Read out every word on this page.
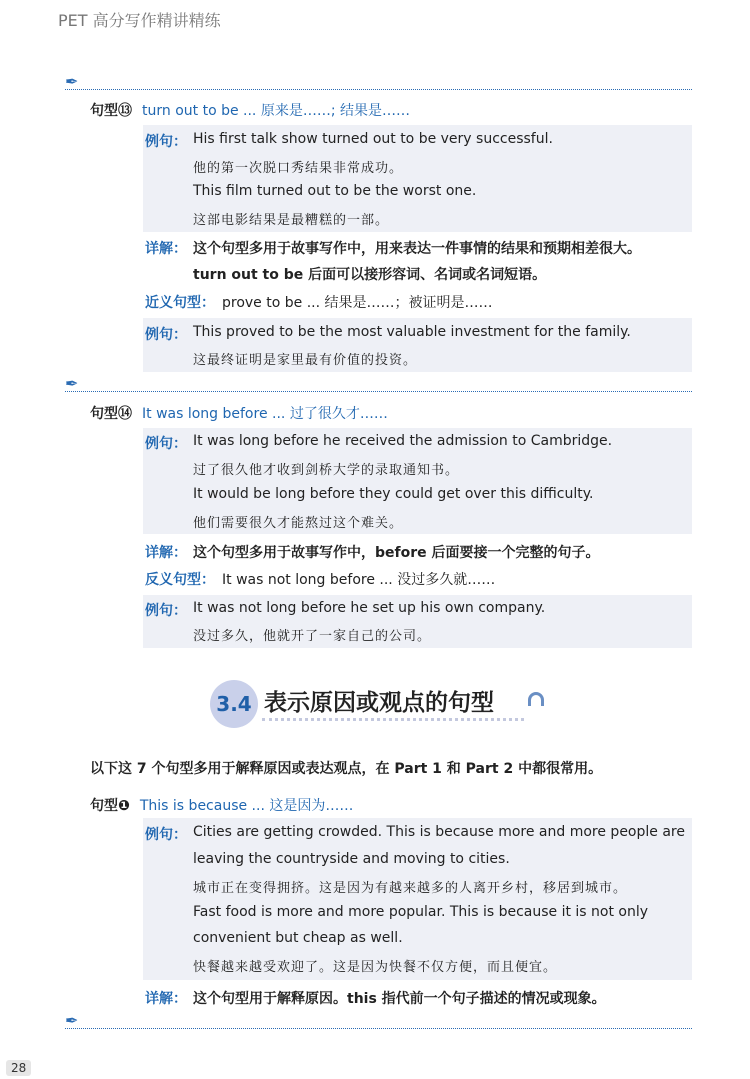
PET 高分写作精讲精练
✒
句型⑬ turn out to be ... 原来是……; 结果是……
例句： His first talk show turned out to be very successful.
他的第一次脱口秀结果非常成功。
This film turned out to be the worst one.
这部电影结果是最糟糕的一部。
详解： 这个句型多用于故事写作中，用来表达一件事情的结果和预期相差很大。
turn out to be 后面可以接形容词、名词或名词短语。
近义句型： prove to be ... 结果是……；被证明是……
例句： This proved to be the most valuable investment for the family.
这最终证明是家里最有价值的投资。
✒
句型⑭ It was long before ... 过了很久才……
例句： It was long before he received the admission to Cambridge.
过了很久他才收到剑桥大学的录取通知书。
It would be long before they could get over this difficulty.
他们需要很久才能熬过这个难关。
详解： 这个句型多用于故事写作中，before 后面要接一个完整的句子。
反义句型： It was not long before ... 没过多久就……
例句： It was not long before he set up his own company.
没过多久，他就开了一家自己的公司。
3.4 表示原因或观点的句型
以下这 7 个句型多用于解释原因或表达观点，在 Part 1 和 Part 2 中都很常用。
句型❶ This is because ... 这是因为……
例句： Cities are getting crowded. This is because more and more people are
leaving the countryside and moving to cities.
城市正在变得拥挤。这是因为有越来越多的人离开乡村，移居到城市。
Fast food is more and more popular. This is because it is not only
convenient but cheap as well.
快餐越来越受欢迎了。这是因为快餐不仅方便，而且便宜。
详解： 这个句型用于解释原因。this 指代前一个句子描述的情况或现象。
✒
28
